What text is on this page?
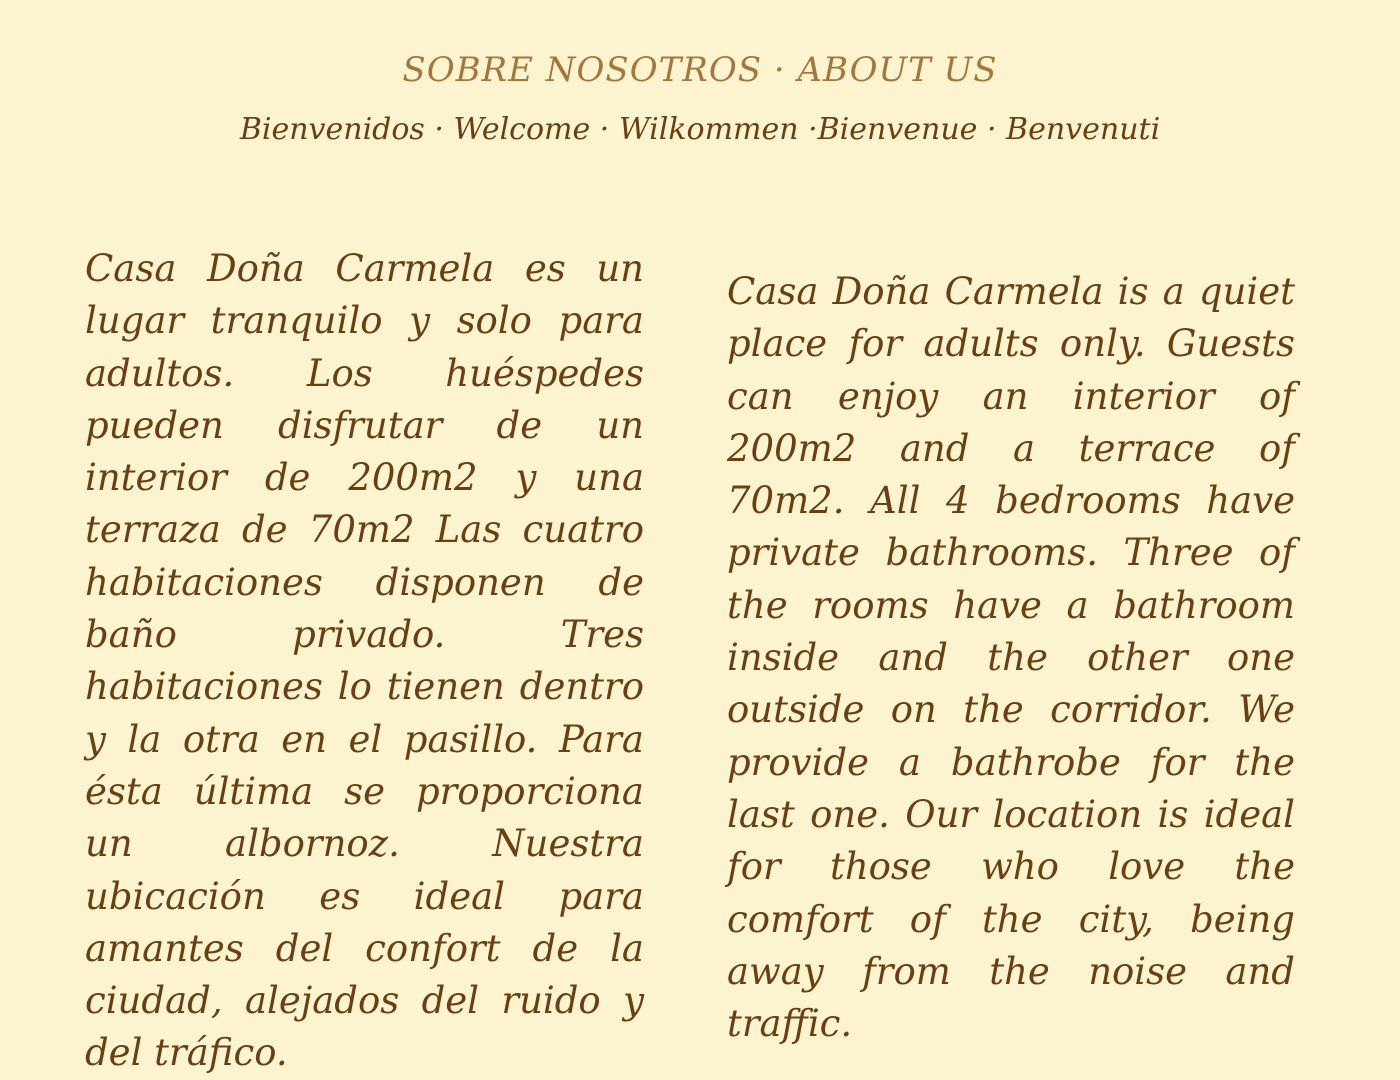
SOBRE NOSOTROS · ABOUT US
Bienvenidos · Welcome · Wilkommen ·Bienvenue · Benvenuti

Casa Doña Carmela es un lugar tranquilo y solo para adultos. Los huéspedes pueden disfrutar de un interior de 200m2 y una terraza de 70m2 Las cuatro habitaciones disponen de baño privado. Tres habitaciones lo tienen dentro y la otra en el pasillo. Para ésta última se proporciona un albornoz. Nuestra ubicación es ideal para amantes del confort de la ciudad, alejados del ruido y del tráfico.

Casa Doña Carmela is a quiet place for adults only. Guests can enjoy an interior of 200m2 and a terrace of 70m2. All 4 bedrooms have private bathrooms. Three of the rooms have a bathroom inside and the other one outside on the corridor. We provide a bathrobe for the last one. Our location is ideal for those who love the comfort of the city, being away from the noise and traffic.
